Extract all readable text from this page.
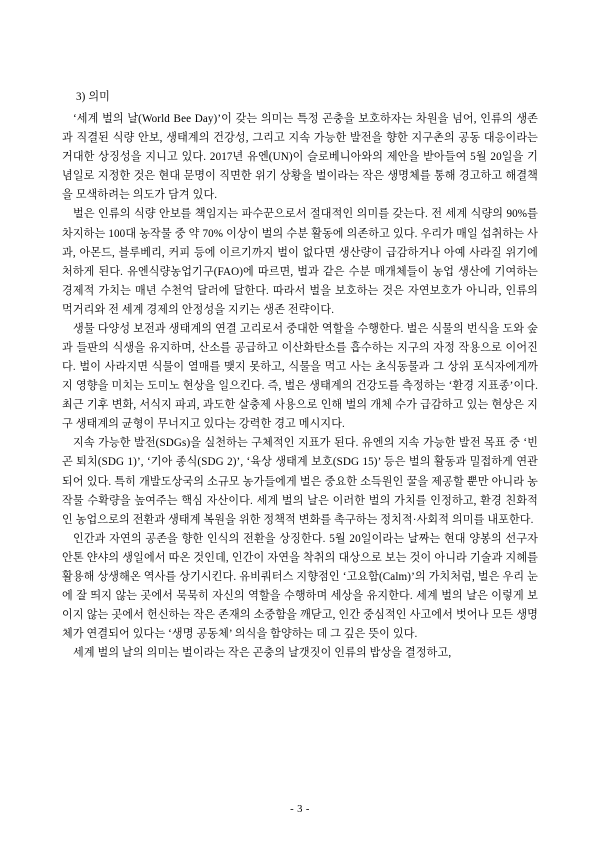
3) 의미

‘세계 벌의 날(World Bee Day)’이 갖는 의미는 특정 곤충을 보호하자는 차원을 넘어, 인류의 생존과 직결된 식량 안보, 생태계의 건강성, 그리고 지속 가능한 발전을 향한 지구촌의 공동 대응이라는 거대한 상징성을 지니고 있다. 2017년 유엔(UN)이 슬로베니아와의 제안을 받아들여 5월 20일을 기념일로 지정한 것은 현대 문명이 직면한 위기 상황을 벌이라는 작은 생명체를 통해 경고하고 해결책을 모색하려는 의도가 담겨 있다.

벌은 인류의 식량 안보를 책임지는 파수꾼으로서 절대적인 의미를 갖는다. 전 세계 식량의 90%를 차지하는 100대 농작물 중 약 70% 이상이 벌의 수분 활동에 의존하고 있다. 우리가 매일 섭취하는 사과, 아몬드, 블루베리, 커피 등에 이르기까지 벌이 없다면 생산량이 급감하거나 아예 사라질 위기에 처하게 된다. 유엔식량농업기구(FAO)에 따르면, 벌과 같은 수분 매개체들이 농업 생산에 기여하는 경제적 가치는 매년 수천억 달러에 달한다. 따라서 벌을 보호하는 것은 자연보호가 아니라, 인류의 먹거리와 전 세계 경제의 안정성을 지키는 생존 전략이다.

생물 다양성 보전과 생태계의 연결 고리로서 중대한 역할을 수행한다. 벌은 식물의 번식을 도와 숲과 들판의 식생을 유지하며, 산소를 공급하고 이산화탄소를 흡수하는 지구의 자정 작용으로 이어진다. 벌이 사라지면 식물이 열매를 맺지 못하고, 식물을 먹고 사는 초식동물과 그 상위 포식자에게까지 영향을 미치는 도미노 현상을 일으킨다. 즉, 벌은 생태계의 건강도를 측정하는 ‘환경 지표종’이다. 최근 기후 변화, 서식지 파괴, 과도한 살충제 사용으로 인해 벌의 개체 수가 급감하고 있는 현상은 지구 생태계의 균형이 무너지고 있다는 강력한 경고 메시지다.

지속 가능한 발전(SDGs)을 실천하는 구체적인 지표가 된다. 유엔의 지속 가능한 발전 목표 중 ‘빈곤 퇴치(SDG 1)’, ‘기아 종식(SDG 2)’, ‘육상 생태계 보호(SDG 15)’ 등은 벌의 활동과 밀접하게 연관되어 있다. 특히 개발도상국의 소규모 농가들에게 벌은 중요한 소득원인 꿀을 제공할 뿐만 아니라 농작물 수확량을 높여주는 핵심 자산이다. 세계 벌의 날은 이러한 벌의 가치를 인정하고, 환경 친화적인 농업으로의 전환과 생태계 복원을 위한 정책적 변화를 촉구하는 정치적·사회적 의미를 내포한다.

인간과 자연의 공존을 향한 인식의 전환을 상징한다. 5월 20일이라는 날짜는 현대 양봉의 선구자 안톤 얀샤의 생일에서 따온 것인데, 인간이 자연을 착취의 대상으로 보는 것이 아니라 기술과 지혜를 활용해 상생해온 역사를 상기시킨다. 유비쿼터스 지향점인 ‘고요함(Calm)’의 가치처럼, 벌은 우리 눈에 잘 띄지 않는 곳에서 묵묵히 자신의 역할을 수행하며 세상을 유지한다. 세계 벌의 날은 이렇게 보이지 않는 곳에서 헌신하는 작은 존재의 소중함을 깨닫고, 인간 중심적인 사고에서 벗어나 모든 생명체가 연결되어 있다는 ‘생명 공동체’ 의식을 함양하는 데 그 깊은 뜻이 있다.

세계 벌의 날의 의미는 벌이라는 작은 곤충의 날갯짓이 인류의 밥상을 결정하고,

- 3 -
